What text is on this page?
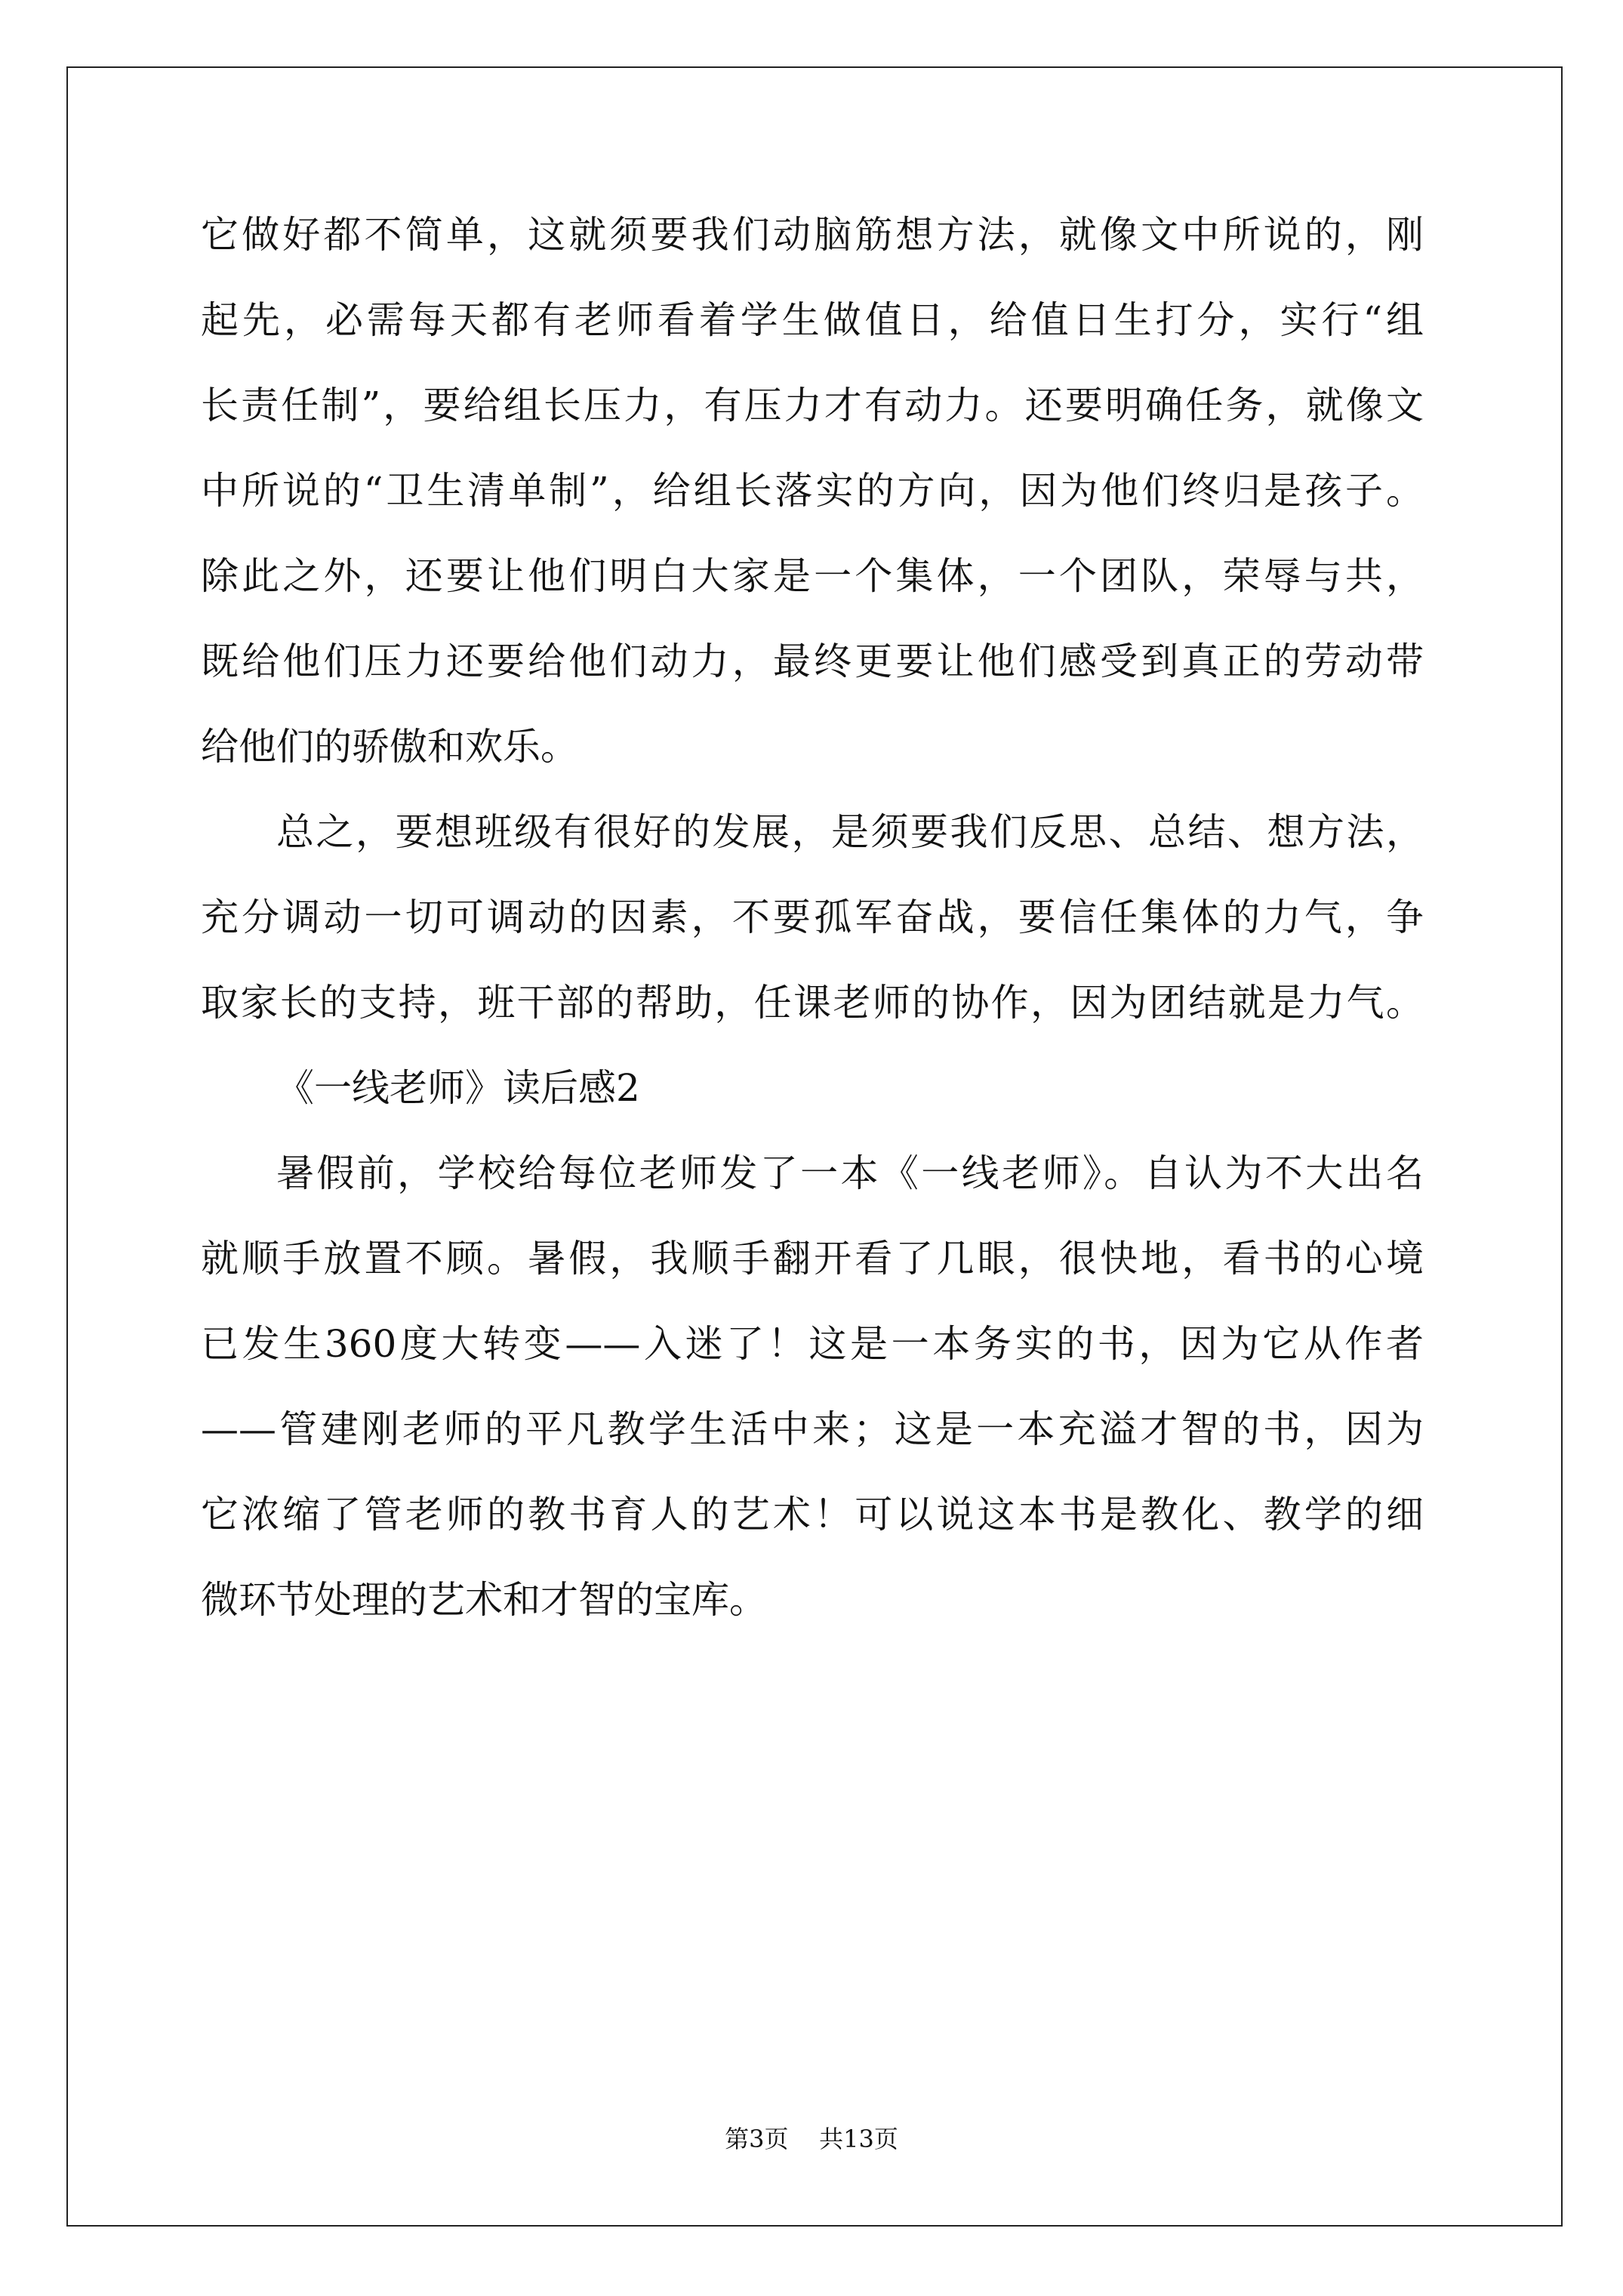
它做好都不简单，这就须要我们动脑筋想方法，就像文中所说的，刚
起先，必需每天都有老师看着学生做值日，给值日生打分，实行“组
长责任制”，要给组长压力，有压力才有动力。还要明确任务，就像文
中所说的“卫生清单制”，给组长落实的方向，因为他们终归是孩子。
除此之外，还要让他们明白大家是一个集体，一个团队，荣辱与共，
既给他们压力还要给他们动力，最终更要让他们感受到真正的劳动带
给他们的骄傲和欢乐。
总之，要想班级有很好的发展，是须要我们反思、总结、想方法，
充分调动一切可调动的因素，不要孤军奋战，要信任集体的力气，争
取家长的支持，班干部的帮助，任课老师的协作，因为团结就是力气。
《一线老师》读后感2
暑假前，学校给每位老师发了一本《一线老师》。自认为不大出名
就顺手放置不顾。暑假，我顺手翻开看了几眼，很快地，看书的心境
已发生360度大转变——入迷了！这是一本务实的书，因为它从作者
——管建刚老师的平凡教学生活中来；这是一本充溢才智的书，因为
它浓缩了管老师的教书育人的艺术！可以说这本书是教化、教学的细
微环节处理的艺术和才智的宝库。
第3页    共13页
